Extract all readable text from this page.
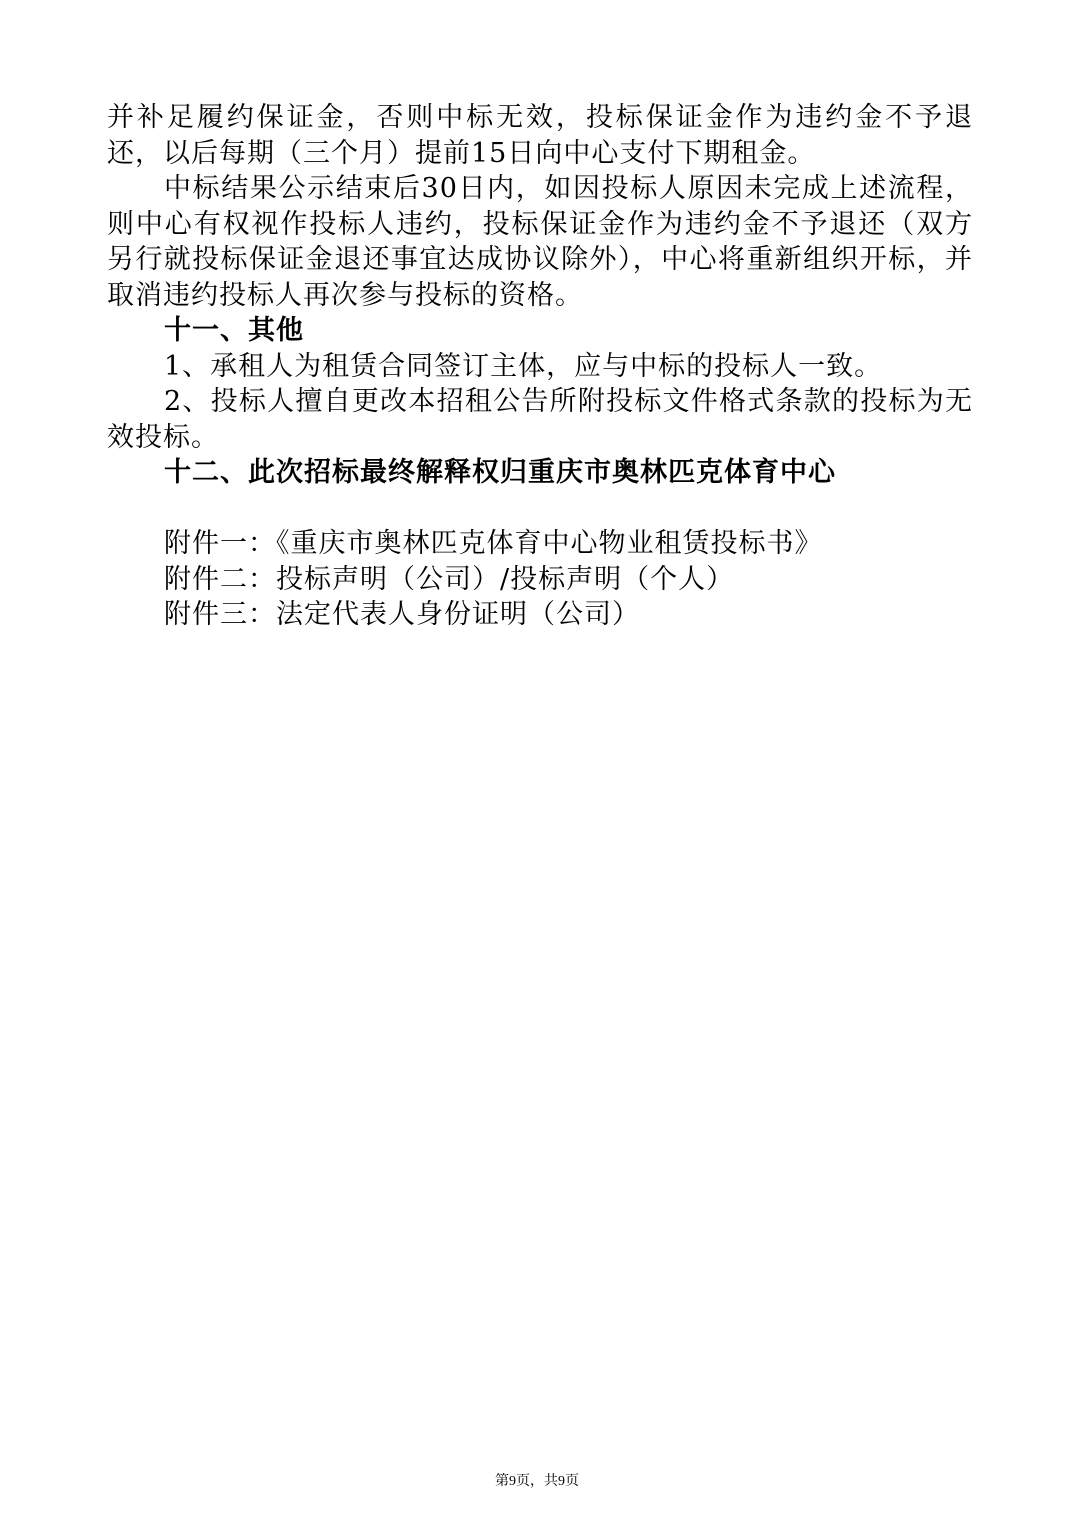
并补足履约保证金，否则中标无效，投标保证金作为违约金不予退还，以后每期（三个月）提前15日向中心支付下期租金。

中标结果公示结束后30日内，如因投标人原因未完成上述流程，则中心有权视作投标人违约，投标保证金作为违约金不予退还（双方另行就投标保证金退还事宜达成协议除外），中心将重新组织开标，并取消违约投标人再次参与投标的资格。

十一、其他

1、承租人为租赁合同签订主体，应与中标的投标人一致。

2、投标人擅自更改本招租公告所附投标文件格式条款的投标为无效投标。

十二、此次招标最终解释权归重庆市奥林匹克体育中心

附件一：《重庆市奥林匹克体育中心物业租赁投标书》

附件二：投标声明（公司）/投标声明（个人）

附件三：法定代表人身份证明（公司）

第9页，共9页
